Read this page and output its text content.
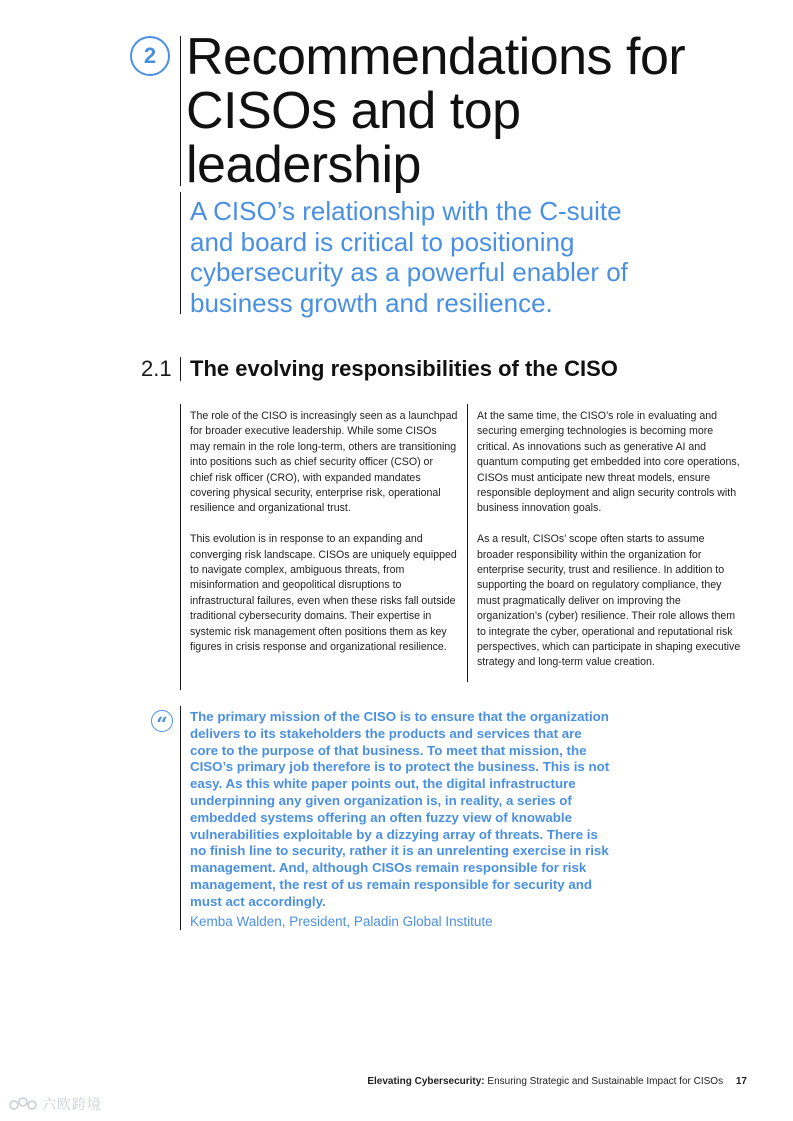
2 Recommendations for CISOs and top leadership
A CISO’s relationship with the C-suite and board is critical to positioning cybersecurity as a powerful enabler of business growth and resilience.
2.1 The evolving responsibilities of the CISO

The role of the CISO is increasingly seen as a launchpad for broader executive leadership. While some CISOs may remain in the role long-term, others are transitioning into positions such as chief security officer (CSO) or chief risk officer (CRO), with expanded mandates covering physical security, enterprise risk, operational resilience and organizational trust.

This evolution is in response to an expanding and converging risk landscape. CISOs are uniquely equipped to navigate complex, ambiguous threats, from misinformation and geopolitical disruptions to infrastructural failures, even when these risks fall outside traditional cybersecurity domains. Their expertise in systemic risk management often positions them as key figures in crisis response and organizational resilience.

At the same time, the CISO’s role in evaluating and securing emerging technologies is becoming more critical. As innovations such as generative AI and quantum computing get embedded into core operations, CISOs must anticipate new threat models, ensure responsible deployment and align security controls with business innovation goals.

As a result, CISOs’ scope often starts to assume broader responsibility within the organization for enterprise security, trust and resilience. In addition to supporting the board on regulatory compliance, they must pragmatically deliver on improving the organization’s (cyber) resilience. Their role allows them to integrate the cyber, operational and reputational risk perspectives, which can participate in shaping executive strategy and long-term value creation.

“	The primary mission of the CISO is to ensure that the organization delivers to its stakeholders the products and services that are core to the purpose of that business. To meet that mission, the CISO’s primary job therefore is to protect the business. This is not easy. As this white paper points out, the digital infrastructure underpinning any given organization is, in reality, a series of embedded systems offering an often fuzzy view of knowable vulnerabilities exploitable by a dizzying array of threats. There is no finish line to security, rather it is an unrelenting exercise in risk management. And, although CISOs remain responsible for risk management, the rest of us remain responsible for security and must act accordingly.
Kemba Walden, President, Paladin Global Institute
Elevating Cybersecurity: Ensuring Strategic and Sustainable Impact for CISOs 17
六欧跨境
